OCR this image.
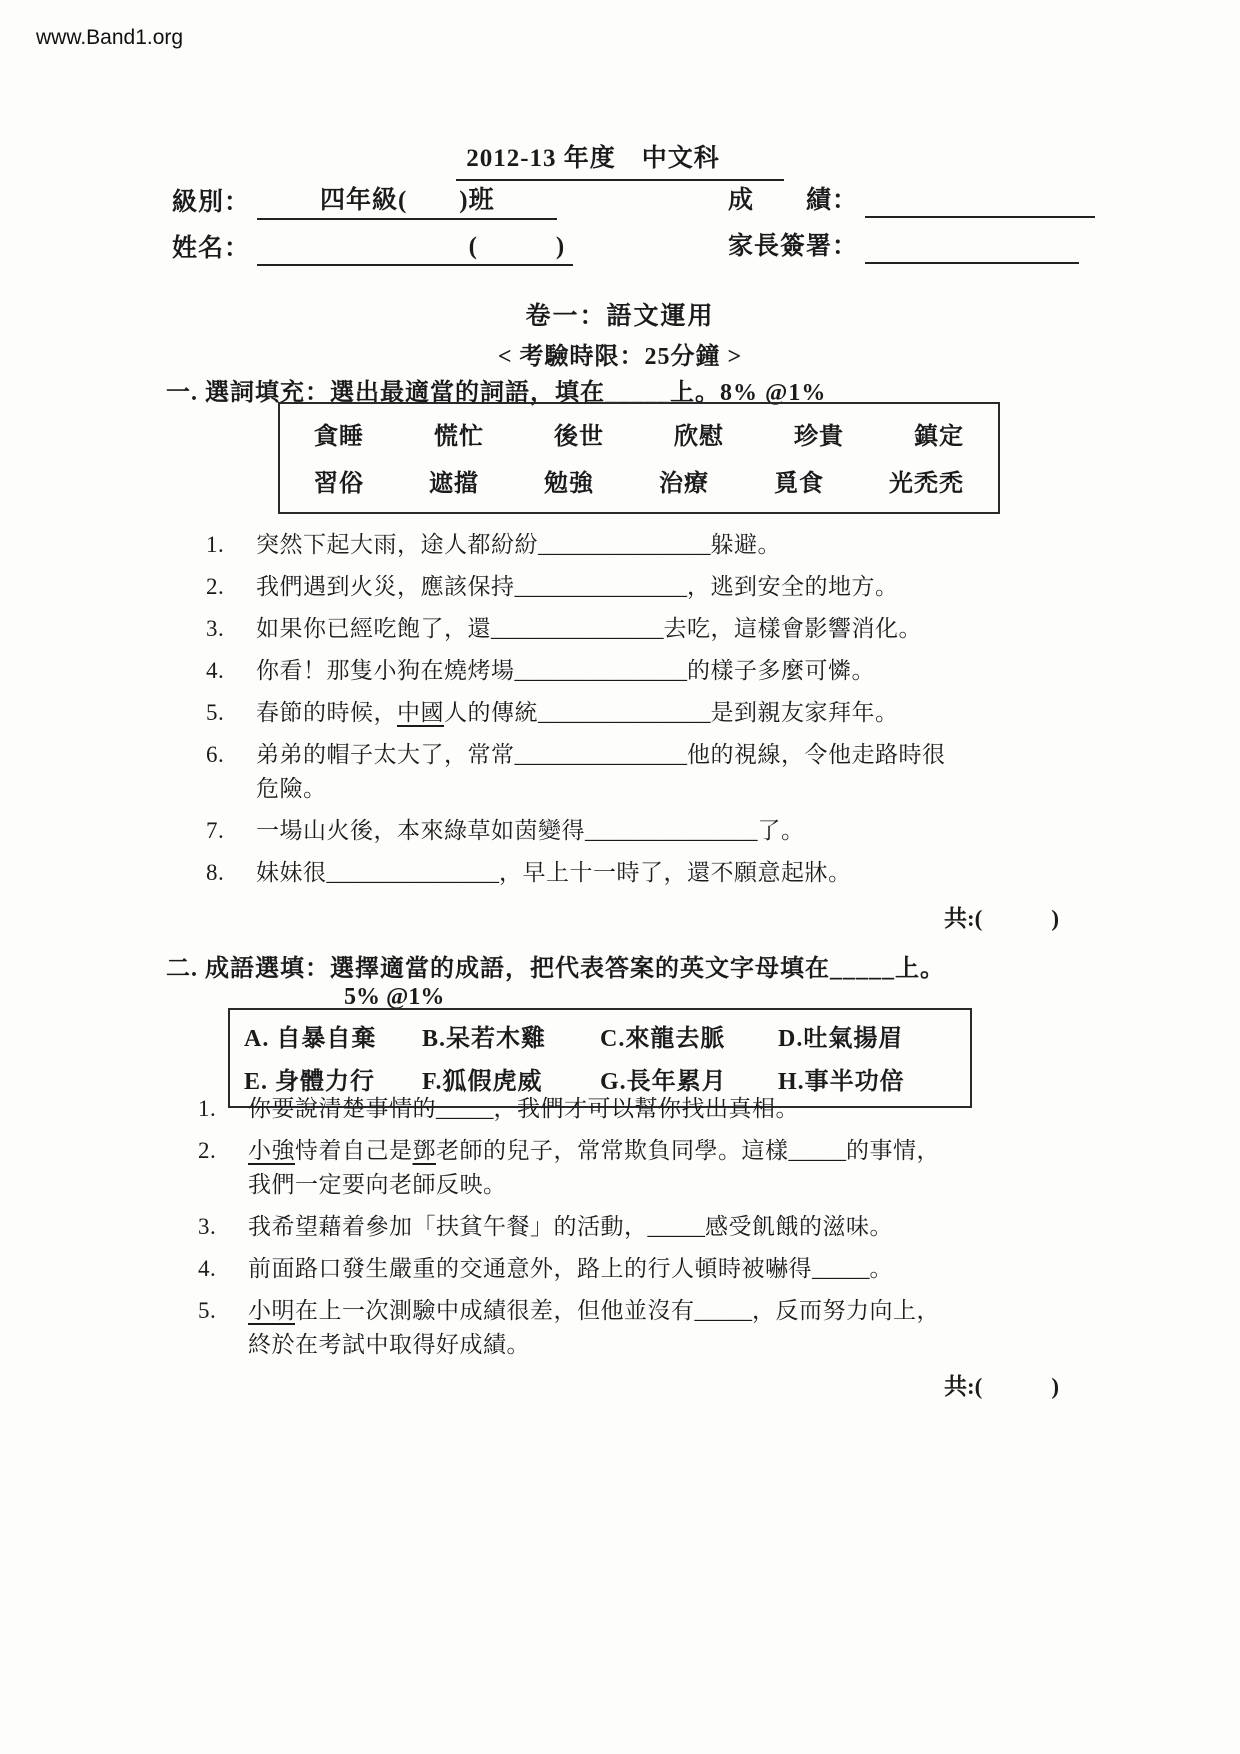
www.Band1.org
2012-13 年度　中文科
級別：	四年級(　　)班	成　　績：
姓名：	(　　　)	家長簽署：
卷一：語文運用
< 考驗時限：25分鐘 >
一. 選詞填充：選出最適當的詞語，填在_____上。8% @1%
貪睡	慌忙	後世	欣慰	珍貴	鎮定
習俗	遮擋	勉強	治療	覓食	光禿禿
1.	突然下起大雨，途人都紛紛_______________躲避。
2.	我們遇到火災，應該保持_______________，逃到安全的地方。
3.	如果你已經吃飽了，還_______________去吃，這樣會影響消化。
4.	你看！那隻小狗在燒烤場_______________的樣子多麼可憐。
5.	春節的時候，中國人的傳統_______________是到親友家拜年。
6.	弟弟的帽子太大了，常常_______________他的視線，令他走路時很
危險。
7.	一場山火後，本來綠草如茵變得_______________了。
8.	妹妹很_______________，早上十一時了，還不願意起牀。
共:(　　　)
二. 成語選填：選擇適當的成語，把代表答案的英文字母填在_____上。
5% @1%
A. 自暴自棄	B.呆若木雞	C.來龍去脈	D.吐氣揚眉
E. 身體力行	F.狐假虎威	G.長年累月	H.事半功倍
1.	你要說清楚事情的_____，我們才可以幫你找出真相。
2.	小強恃着自己是鄧老師的兒子，常常欺負同學。這樣_____的事情，
我們一定要向老師反映。
3.	我希望藉着參加「扶貧午餐」的活動，_____感受飢餓的滋味。
4.	前面路口發生嚴重的交通意外，路上的行人頓時被嚇得_____。
5.	小明在上一次測驗中成績很差，但他並沒有_____，反而努力向上，
終於在考試中取得好成績。
共:(　　　)
